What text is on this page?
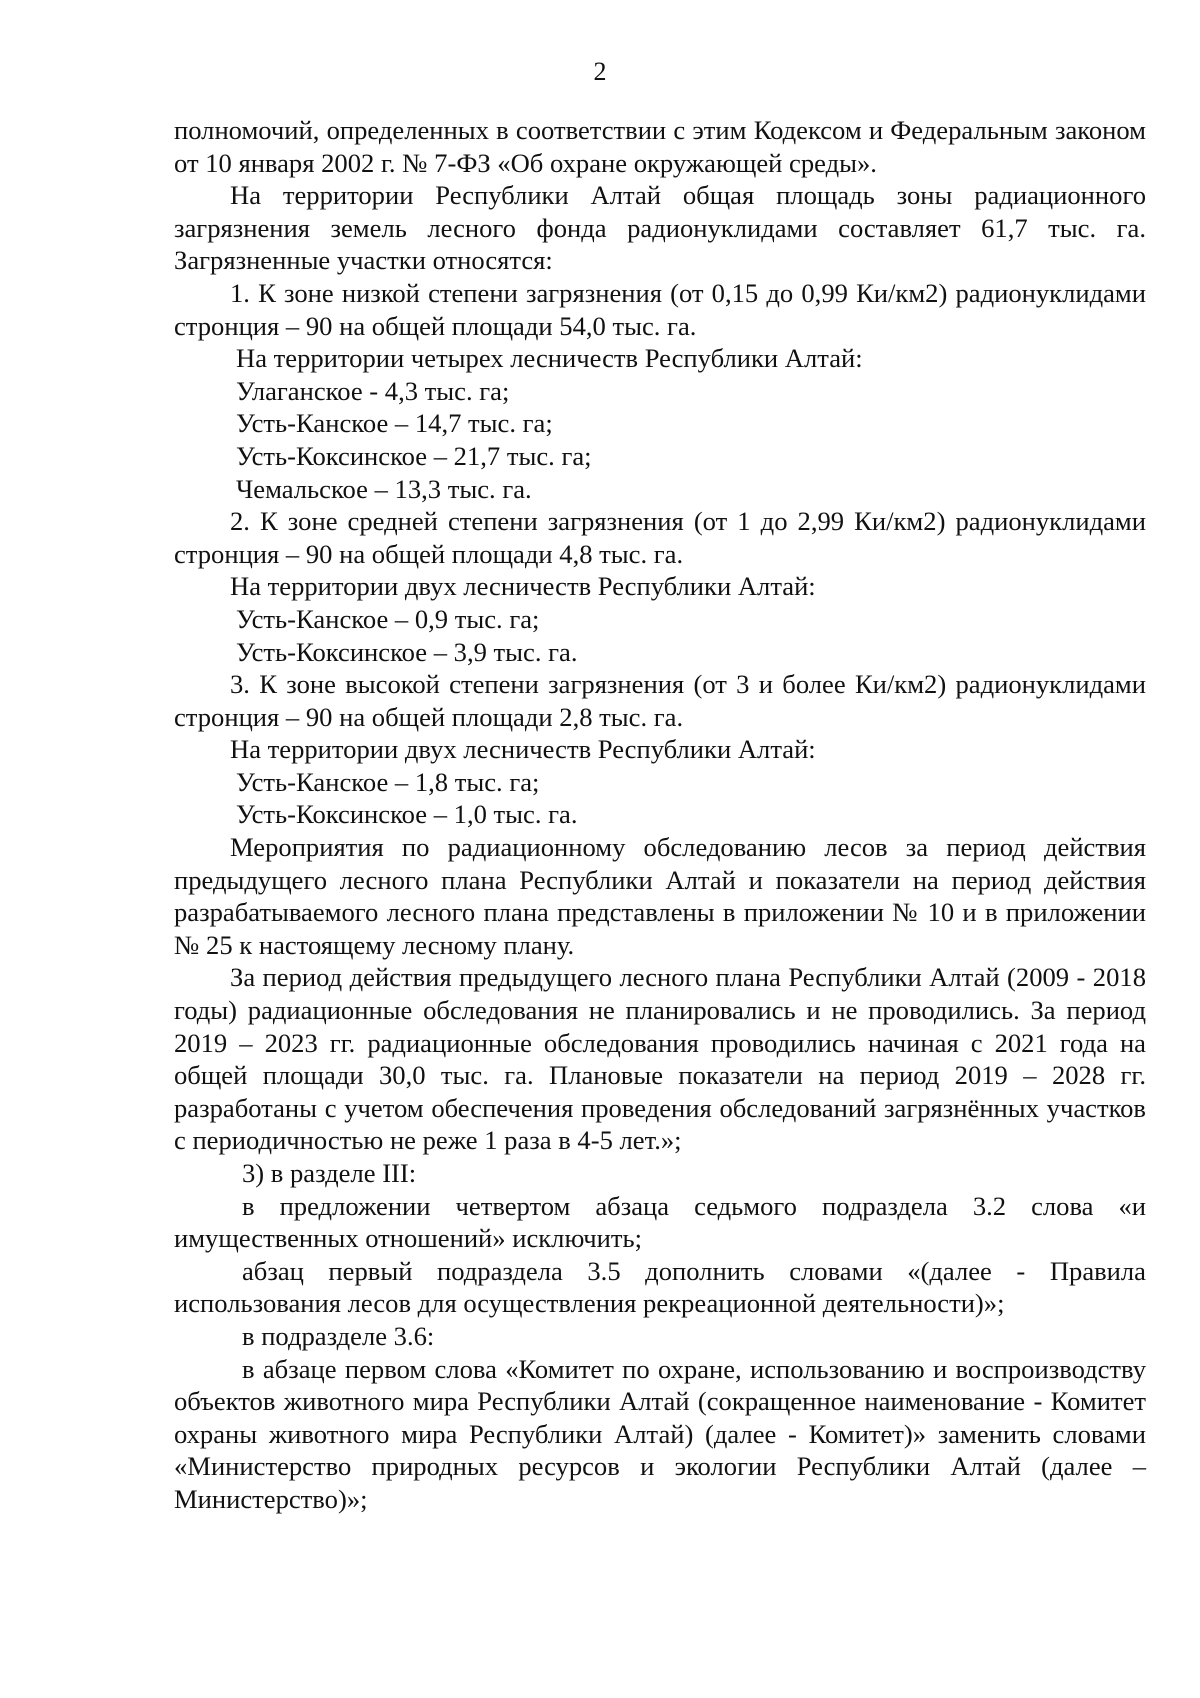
2

полномочий, определенных в соответствии с этим Кодексом и Федеральным законом от 10 января 2002 г. № 7-ФЗ «Об охране окружающей среды».

На территории Республики Алтай общая площадь зоны радиационного загрязнения земель лесного фонда радионуклидами составляет 61,7 тыс. га. Загрязненные участки относятся:

1. К зоне низкой степени загрязнения (от 0,15 до 0,99 Ки/км2) радионуклидами стронция – 90 на общей площади 54,0 тыс. га.

На территории четырех лесничеств Республики Алтай:

Улаганское - 4,3 тыс. га;

Усть-Канское – 14,7 тыс. га;

Усть-Коксинское – 21,7 тыс. га;

Чемальское – 13,3 тыс. га.

2. К зоне средней степени загрязнения (от 1 до 2,99 Ки/км2) радионуклидами стронция – 90 на общей площади 4,8 тыс. га.

На территории двух лесничеств Республики Алтай:

Усть-Канское – 0,9 тыс. га;

Усть-Коксинское – 3,9 тыс. га.

3. К зоне высокой степени загрязнения (от 3 и более Ки/км2) радионуклидами стронция – 90 на общей площади 2,8 тыс. га.

На территории двух лесничеств Республики Алтай:

Усть-Канское – 1,8 тыс. га;

Усть-Коксинское – 1,0 тыс. га.

Мероприятия по радиационному обследованию лесов за период действия предыдущего лесного плана Республики Алтай и показатели на период действия разрабатываемого лесного плана представлены в приложении № 10 и в приложении № 25 к настоящему лесному плану.

За период действия предыдущего лесного плана Республики Алтай (2009 - 2018 годы) радиационные обследования не планировались и не проводились. За период 2019 – 2023 гг. радиационные обследования проводились начиная с 2021 года на общей площади 30,0 тыс. га. Плановые показатели на период 2019 – 2028 гг. разработаны с учетом обеспечения проведения обследований загрязнённых участков с периодичностью не реже 1 раза в 4-5 лет.»;

3) в разделе III:

в предложении четвертом абзаца седьмого подраздела 3.2 слова «и имущественных отношений» исключить;

абзац первый подраздела 3.5 дополнить словами «(далее - Правила использования лесов для осуществления рекреационной деятельности)»;

в подразделе 3.6:

в абзаце первом слова «Комитет по охране, использованию и воспроизводству объектов животного мира Республики Алтай (сокращенное наименование - Комитет охраны животного мира Республики Алтай) (далее - Комитет)» заменить словами «Министерство природных ресурсов и экологии Республики Алтай (далее – Министерство)»;
